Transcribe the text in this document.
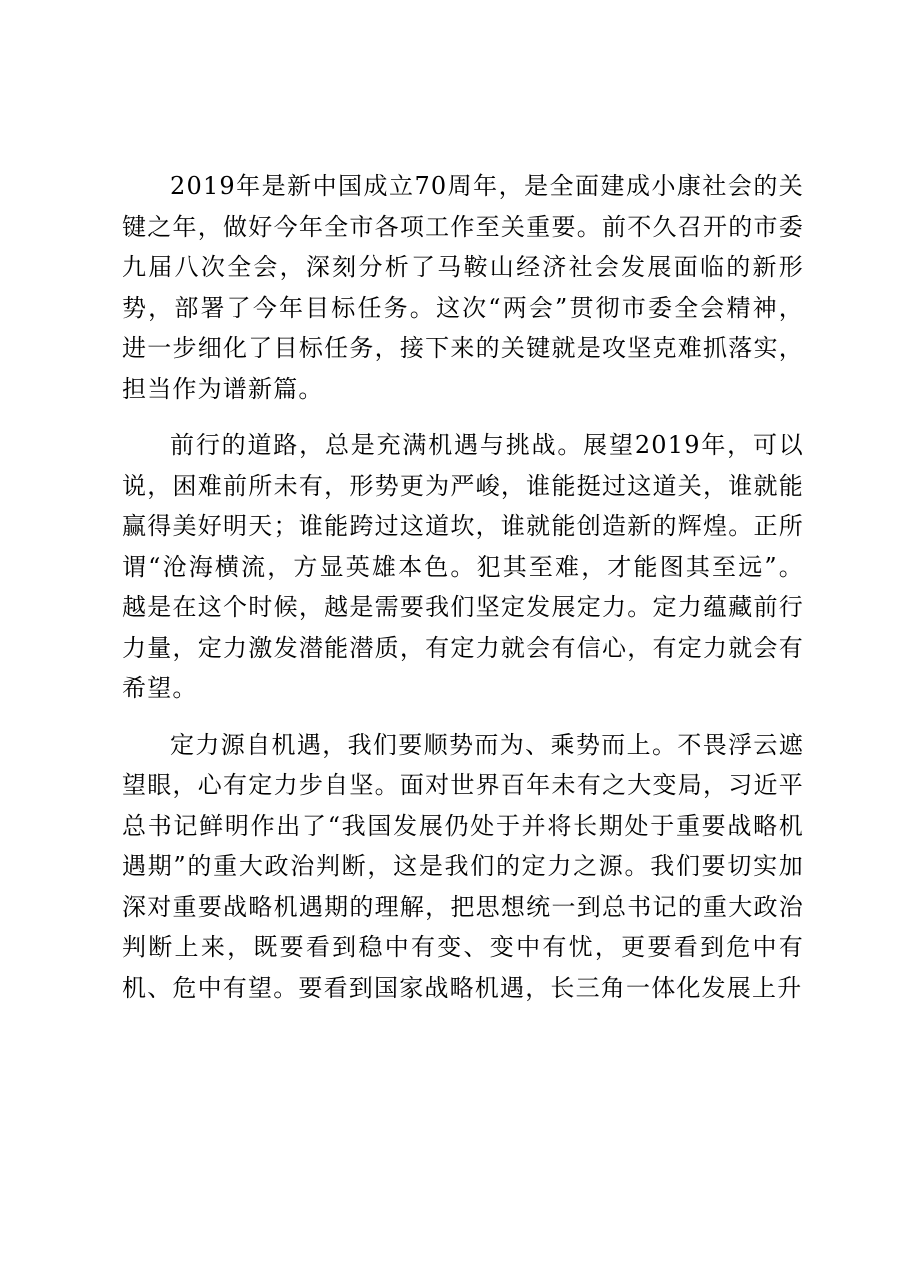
2019年是新中国成立70周年，是全面建成小康社会的关键之年，做好今年全市各项工作至关重要。前不久召开的市委九届八次全会，深刻分析了马鞍山经济社会发展面临的新形势，部署了今年目标任务。这次“两会”贯彻市委全会精神，进一步细化了目标任务，接下来的关键就是攻坚克难抓落实，担当作为谱新篇。

前行的道路，总是充满机遇与挑战。展望2019年，可以说，困难前所未有，形势更为严峻，谁能挺过这道关，谁就能赢得美好明天；谁能跨过这道坎，谁就能创造新的辉煌。正所谓“沧海横流，方显英雄本色。犯其至难，才能图其至远”。越是在这个时候，越是需要我们坚定发展定力。定力蕴藏前行力量，定力激发潜能潜质，有定力就会有信心，有定力就会有希望。

定力源自机遇，我们要顺势而为、乘势而上。不畏浮云遮望眼，心有定力步自坚。面对世界百年未有之大变局，习近平总书记鲜明作出了“我国发展仍处于并将长期处于重要战略机遇期”的重大政治判断，这是我们的定力之源。我们要切实加深对重要战略机遇期的理解，把思想统一到总书记的重大政治判断上来，既要看到稳中有变、变中有忧，更要看到危中有机、危中有望。要看到国家战略机遇，长三角一体化发展上升
